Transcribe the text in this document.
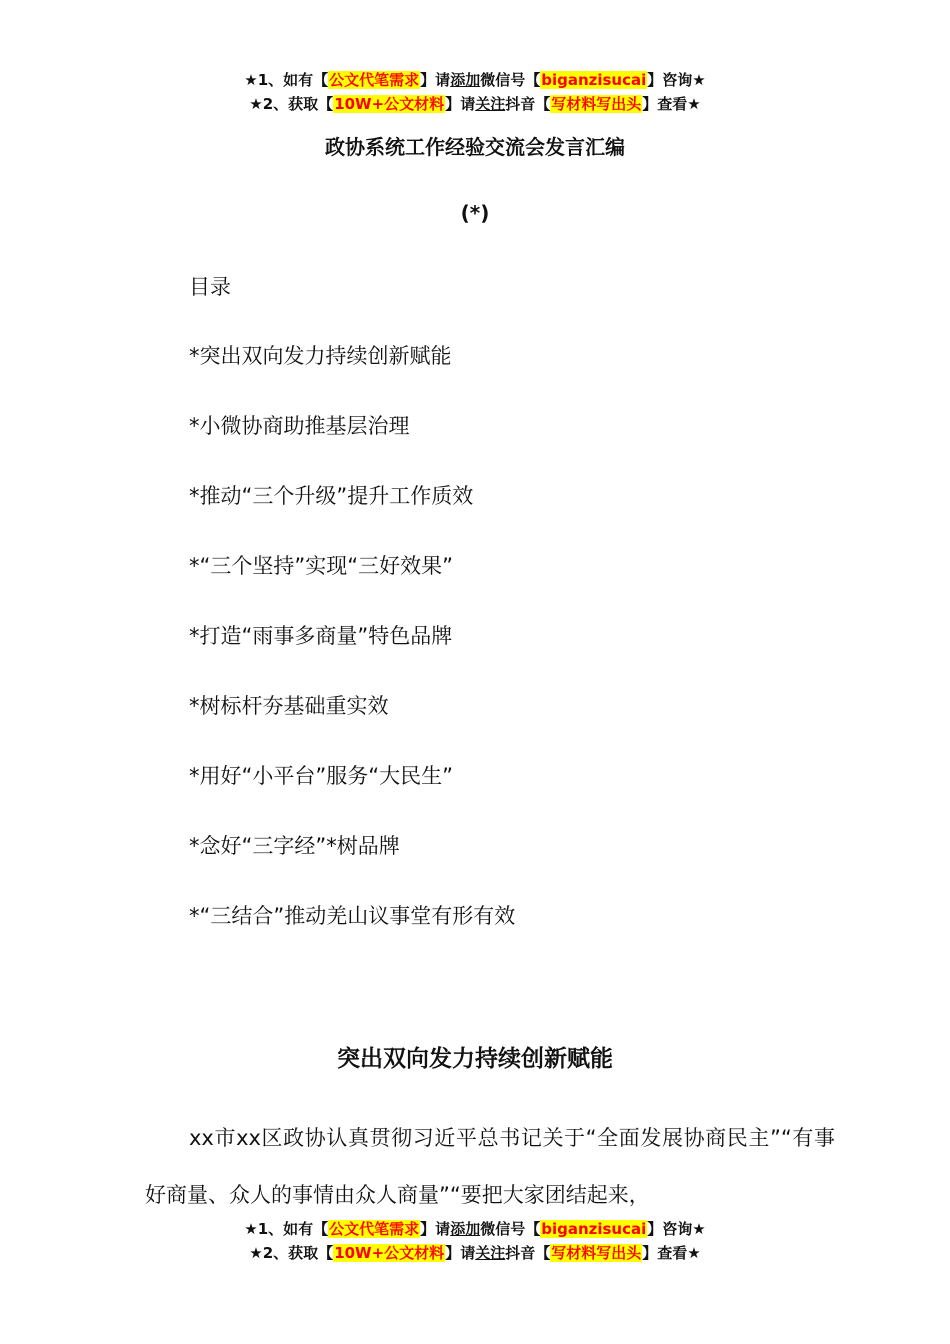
★1、如有【公文代笔需求】请添加微信号【biganzisucai】咨询★
★2、获取【10W+公文材料】请关注抖音【写材料写出头】查看★
政协系统工作经验交流会发言汇编
(*)
目录
*突出双向发力持续创新赋能
*小微协商助推基层治理
*推动“三个升级”提升工作质效
*“三个坚持”实现“三好效果”
*打造“雨事多商量”特色品牌
*树标杆夯基础重实效
*用好“小平台”服务“大民生”
*念好“三字经”*树品牌
*“三结合”推动羌山议事堂有形有效
突出双向发力持续创新赋能

xx市xx区政协认真贯彻习近平总书记关于“全面发展协商民主”“有事好商量、众人的事情由众人商量”“要把大家团结起来，

★1、如有【公文代笔需求】请添加微信号【biganzisucai】咨询★
★2、获取【10W+公文材料】请关注抖音【写材料写出头】查看★
